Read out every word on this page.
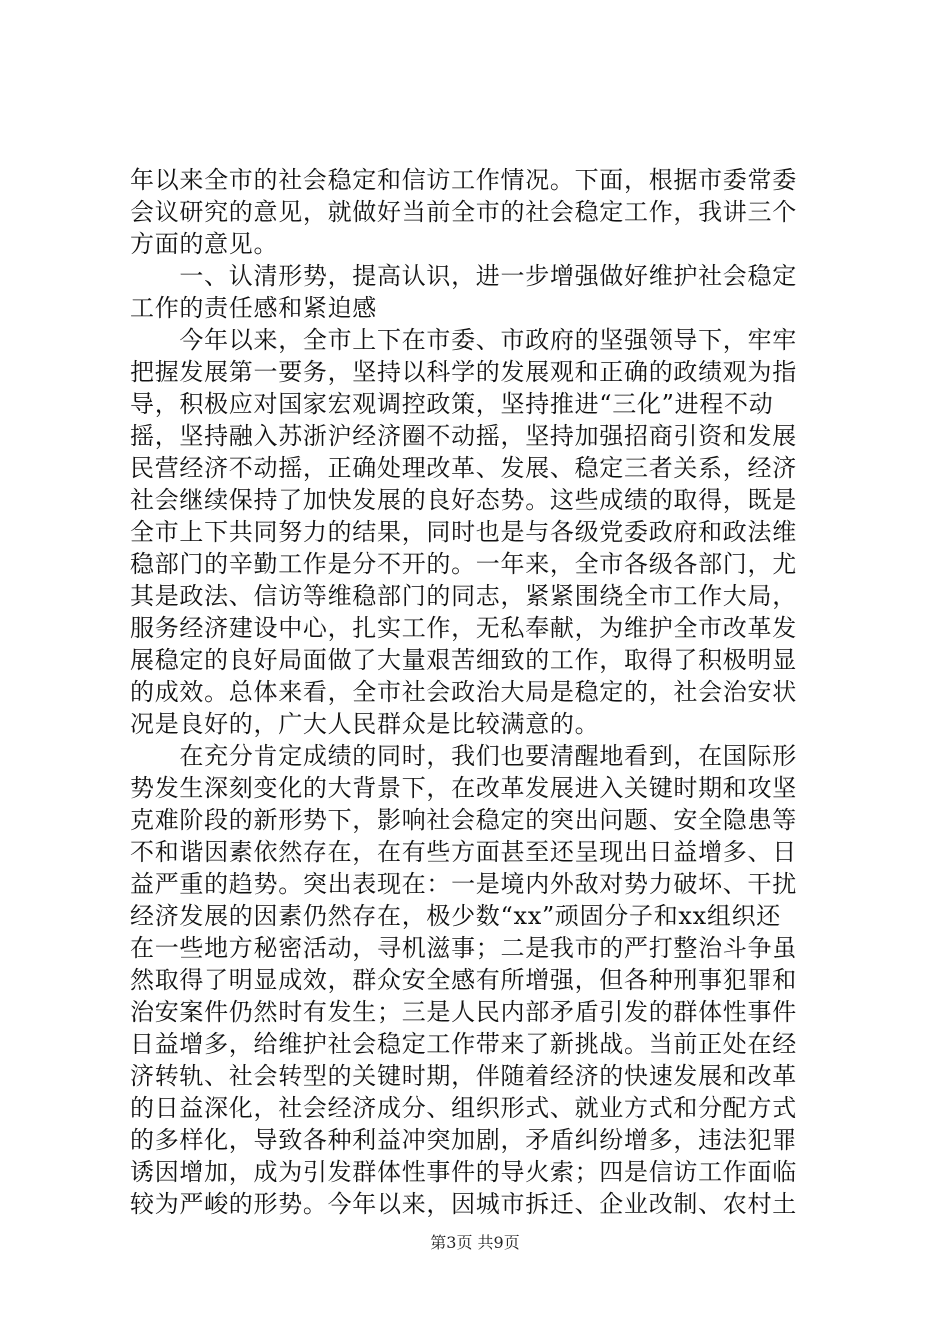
年以来全市的社会稳定和信访工作情况。下面，根据市委常委
会议研究的意见，就做好当前全市的社会稳定工作，我讲三个
方面的意见。
　　一、认清形势，提高认识，进一步增强做好维护社会稳定
工作的责任感和紧迫感
　　今年以来，全市上下在市委、市政府的坚强领导下，牢牢
把握发展第一要务，坚持以科学的发展观和正确的政绩观为指
导，积极应对国家宏观调控政策，坚持推进“三化”进程不动
摇，坚持融入苏浙沪经济圈不动摇，坚持加强招商引资和发展
民营经济不动摇，正确处理改革、发展、稳定三者关系，经济
社会继续保持了加快发展的良好态势。这些成绩的取得，既是
全市上下共同努力的结果，同时也是与各级党委政府和政法维
稳部门的辛勤工作是分不开的。一年来，全市各级各部门，尤
其是政法、信访等维稳部门的同志，紧紧围绕全市工作大局，
服务经济建设中心，扎实工作，无私奉献，为维护全市改革发
展稳定的良好局面做了大量艰苦细致的工作，取得了积极明显
的成效。总体来看，全市社会政治大局是稳定的，社会治安状
况是良好的，广大人民群众是比较满意的。
　　在充分肯定成绩的同时，我们也要清醒地看到，在国际形
势发生深刻变化的大背景下，在改革发展进入关键时期和攻坚
克难阶段的新形势下，影响社会稳定的突出问题、安全隐患等
不和谐因素依然存在，在有些方面甚至还呈现出日益增多、日
益严重的趋势。突出表现在：一是境内外敌对势力破坏、干扰
经济发展的因素仍然存在，极少数“xx”顽固分子和xx组织还
在一些地方秘密活动，寻机滋事；二是我市的严打整治斗争虽
然取得了明显成效，群众安全感有所增强，但各种刑事犯罪和
治安案件仍然时有发生；三是人民内部矛盾引发的群体性事件
日益增多，给维护社会稳定工作带来了新挑战。当前正处在经
济转轨、社会转型的关键时期，伴随着经济的快速发展和改革
的日益深化，社会经济成分、组织形式、就业方式和分配方式
的多样化，导致各种利益冲突加剧，矛盾纠纷增多，违法犯罪
诱因增加，成为引发群体性事件的导火索；四是信访工作面临
较为严峻的形势。今年以来，因城市拆迁、企业改制、农村土
第3页 共9页
